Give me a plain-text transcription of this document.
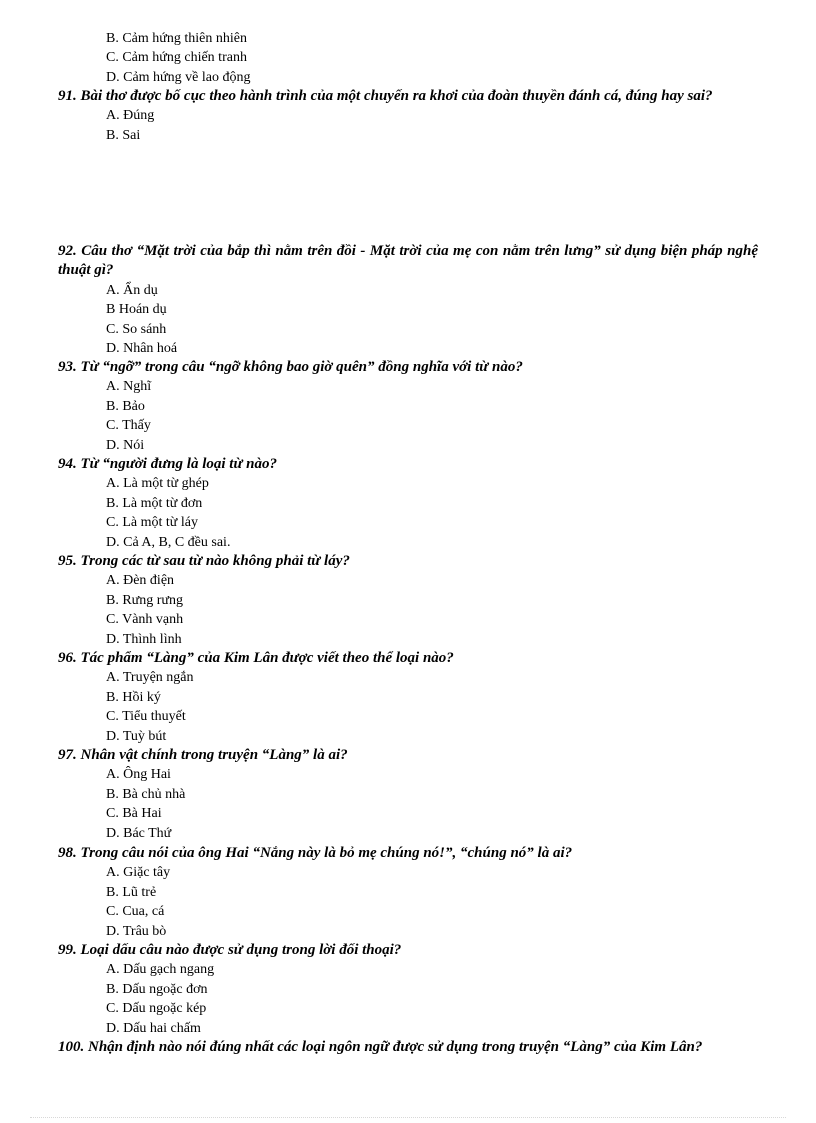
B. Cảm hứng thiên nhiên

C. Cảm hứng chiến tranh

D. Cảm hứng về lao động

91. Bài thơ được bố cục theo hành trình của một chuyến ra khơi của đoàn thuyền đánh cá, đúng hay sai?

A. Đúng

B. Sai

92. Câu thơ “Mặt trời của bắp thì nằm trên đồi - Mặt trời của mẹ con nằm trên lưng” sử dụng biện pháp nghệ thuật gì?

A. Ẩn dụ

B Hoán dụ

C. So sánh

D. Nhân hoá

93. Từ “ngỡ” trong câu “ngỡ không bao giờ quên” đồng nghĩa với từ nào?

A. Nghĩ

B. Bảo

C. Thấy

D. Nói

94. Từ “người đưng là loại từ nào?

A. Là một từ ghép

B. Là một từ đơn

C. Là một từ láy

D. Cả A, B, C đều sai.

95. Trong các từ sau từ nào không phải từ láy?

A. Đèn điện

B. Rưng rưng

C. Vành vạnh

D. Thình lình

96. Tác phẩm “Làng” của Kim Lân được viết theo thể loại nào?

A. Truyện ngắn

B. Hồi ký

C. Tiểu thuyết

D. Tuỳ bút

97. Nhân vật chính trong truyện “Làng” là ai?

A. Ông Hai

B. Bà chủ nhà

C. Bà Hai

D. Bác Thứ

98. Trong câu nói của ông Hai “Nắng này là bỏ mẹ chúng nó!”, “chúng nó” là ai?

A. Giặc tây

B. Lũ trẻ

C. Cua, cá

D. Trâu bò

99. Loại dấu câu nào được sử dụng trong lời đối thoại?

A. Dấu gạch ngang

B. Dấu ngoặc đơn

C. Dấu ngoặc kép

D. Dấu hai chấm

100. Nhận định nào nói đúng nhất các loại ngôn ngữ được sử dụng trong truyện “Làng” của Kim Lân?
